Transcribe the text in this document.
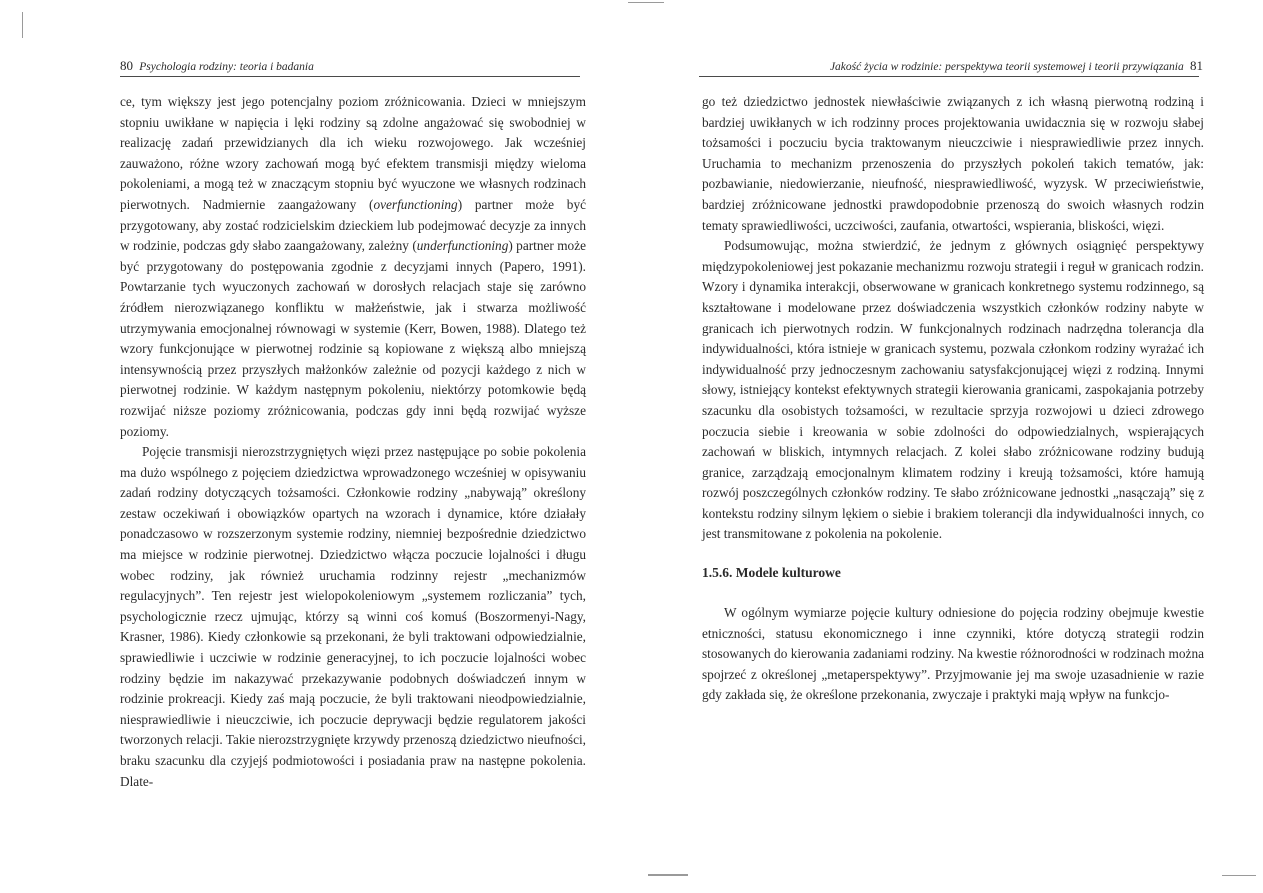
80 Psychologia rodziny: teoria i badania

ce, tym większy jest jego potencjalny poziom zróżnicowania. Dzieci w mniejszym stopniu uwikłane w napięcia i lęki rodziny są zdolne angażować się swobodniej w realizację zadań przewidzianych dla ich wieku rozwojowego. Jak wcześniej zauważono, różne wzory zachowań mogą być efektem transmisji między wieloma pokoleniami, a mogą też w znaczącym stopniu być wyuczone we własnych rodzinach pierwotnych. Nadmiernie zaangażowany (overfunctioning) partner może być przygotowany, aby zostać rodzicielskim dzieckiem lub podejmować decyzje za innych w rodzinie, podczas gdy słabo zaangażowany, zależny (underfunctioning) partner może być przygotowany do postępowania zgodnie z decyzjami innych (Papero, 1991). Powtarzanie tych wyuczonych zachowań w dorosłych relacjach staje się zarówno źródłem nierozwiązanego konfliktu w małżeństwie, jak i stwarza możliwość utrzymywania emocjonalnej równowagi w systemie (Kerr, Bowen, 1988). Dlatego też wzory funkcjonujące w pierwotnej rodzinie są kopiowane z większą albo mniejszą intensywnością przez przyszłych małżonków zależnie od pozycji każdego z nich w pierwotnej rodzinie. W każdym następnym pokoleniu, niektórzy potomkowie będą rozwijać niższe poziomy zróżnicowania, podczas gdy inni będą rozwijać wyższe poziomy.

Pojęcie transmisji nierozstrzygniętych więzi przez następujące po sobie pokolenia ma dużo wspólnego z pojęciem dziedzictwa wprowadzonego wcześniej w opisywaniu zadań rodziny dotyczących tożsamości. Członkowie rodziny „nabywają” określony zestaw oczekiwań i obowiązków opartych na wzorach i dynamice, które działały ponadczasowo w rozszerzonym systemie rodziny, niemniej bezpośrednie dziedzictwo ma miejsce w rodzinie pierwotnej. Dziedzictwo włącza poczucie lojalności i długu wobec rodziny, jak również uruchamia rodzinny rejestr „mechanizmów regulacyjnych”. Ten rejestr jest wielopokoleniowym „systemem rozliczania” tych, psychologicznie rzecz ujmując, którzy są winni coś komuś (Boszormenyi-Nagy, Krasner, 1986). Kiedy członkowie są przekonani, że byli traktowani odpowiedzialnie, sprawiedliwie i uczciwie w rodzinie generacyjnej, to ich poczucie lojalności wobec rodziny będzie im nakazywać przekazywanie podobnych doświadczeń innym w rodzinie prokreacji. Kiedy zaś mają poczucie, że byli traktowani nieodpowiedzialnie, niesprawiedliwie i nieuczciwie, ich poczucie deprywacji będzie regulatorem jakości tworzonych relacji. Takie nierozstrzygnięte krzywdy przenoszą dziedzictwo nieufności, braku szacunku dla czyjejś podmiotowości i posiadania praw na następne pokolenia. Dlate-

Jakość życia w rodzinie: perspektywa teorii systemowej i teorii przywiązania 81

go też dziedzictwo jednostek niewłaściwie związanych z ich własną pierwotną rodziną i bardziej uwikłanych w ich rodzinny proces projektowania uwidacznia się w rozwoju słabej tożsamości i poczuciu bycia traktowanym nieuczciwie i niesprawiedliwie przez innych. Uruchamia to mechanizm przenoszenia do przyszłych pokoleń takich tematów, jak: pozbawianie, niedowierzanie, nieufność, niesprawiedliwość, wyzysk. W przeciwieństwie, bardziej zróżnicowane jednostki prawdopodobnie przenoszą do swoich własnych rodzin tematy sprawiedliwości, uczciwości, zaufania, otwartości, wspierania, bliskości, więzi.

Podsumowując, można stwierdzić, że jednym z głównych osiągnięć perspektywy międzypokoleniowej jest pokazanie mechanizmu rozwoju strategii i reguł w granicach rodzin. Wzory i dynamika interakcji, obserwowane w granicach konkretnego systemu rodzinnego, są kształtowane i modelowane przez doświadczenia wszystkich członków rodziny nabyte w granicach ich pierwotnych rodzin. W funkcjonalnych rodzinach nadrzędna tolerancja dla indywidualności, która istnieje w granicach systemu, pozwala członkom rodziny wyrażać ich indywidualność przy jednoczesnym zachowaniu satysfakcjonującej więzi z rodziną. Innymi słowy, istniejący kontekst efektywnych strategii kierowania granicami, zaspokajania potrzeby szacunku dla osobistych tożsamości, w rezultacie sprzyja rozwojowi u dzieci zdrowego poczucia siebie i kreowania w sobie zdolności do odpowiedzialnych, wspierających zachowań w bliskich, intymnych relacjach. Z kolei słabo zróżnicowane rodziny budują granice, zarządzają emocjonalnym klimatem rodziny i kreują tożsamości, które hamują rozwój poszczególnych członków rodziny. Te słabo zróżnicowane jednostki „nasączają” się z kontekstu rodziny silnym lękiem o siebie i brakiem tolerancji dla indywidualności innych, co jest transmitowane z pokolenia na pokolenie.

1.5.6. Modele kulturowe

W ogólnym wymiarze pojęcie kultury odniesione do pojęcia rodziny obejmuje kwestie etniczności, statusu ekonomicznego i inne czynniki, które dotyczą strategii rodzin stosowanych do kierowania zadaniami rodziny. Na kwestie różnorodności w rodzinach można spojrzeć z określonej „metaperspektywy”. Przyjmowanie jej ma swoje uzasadnienie w razie gdy zakłada się, że określone przekonania, zwyczaje i praktyki mają wpływ na funkcjo-
